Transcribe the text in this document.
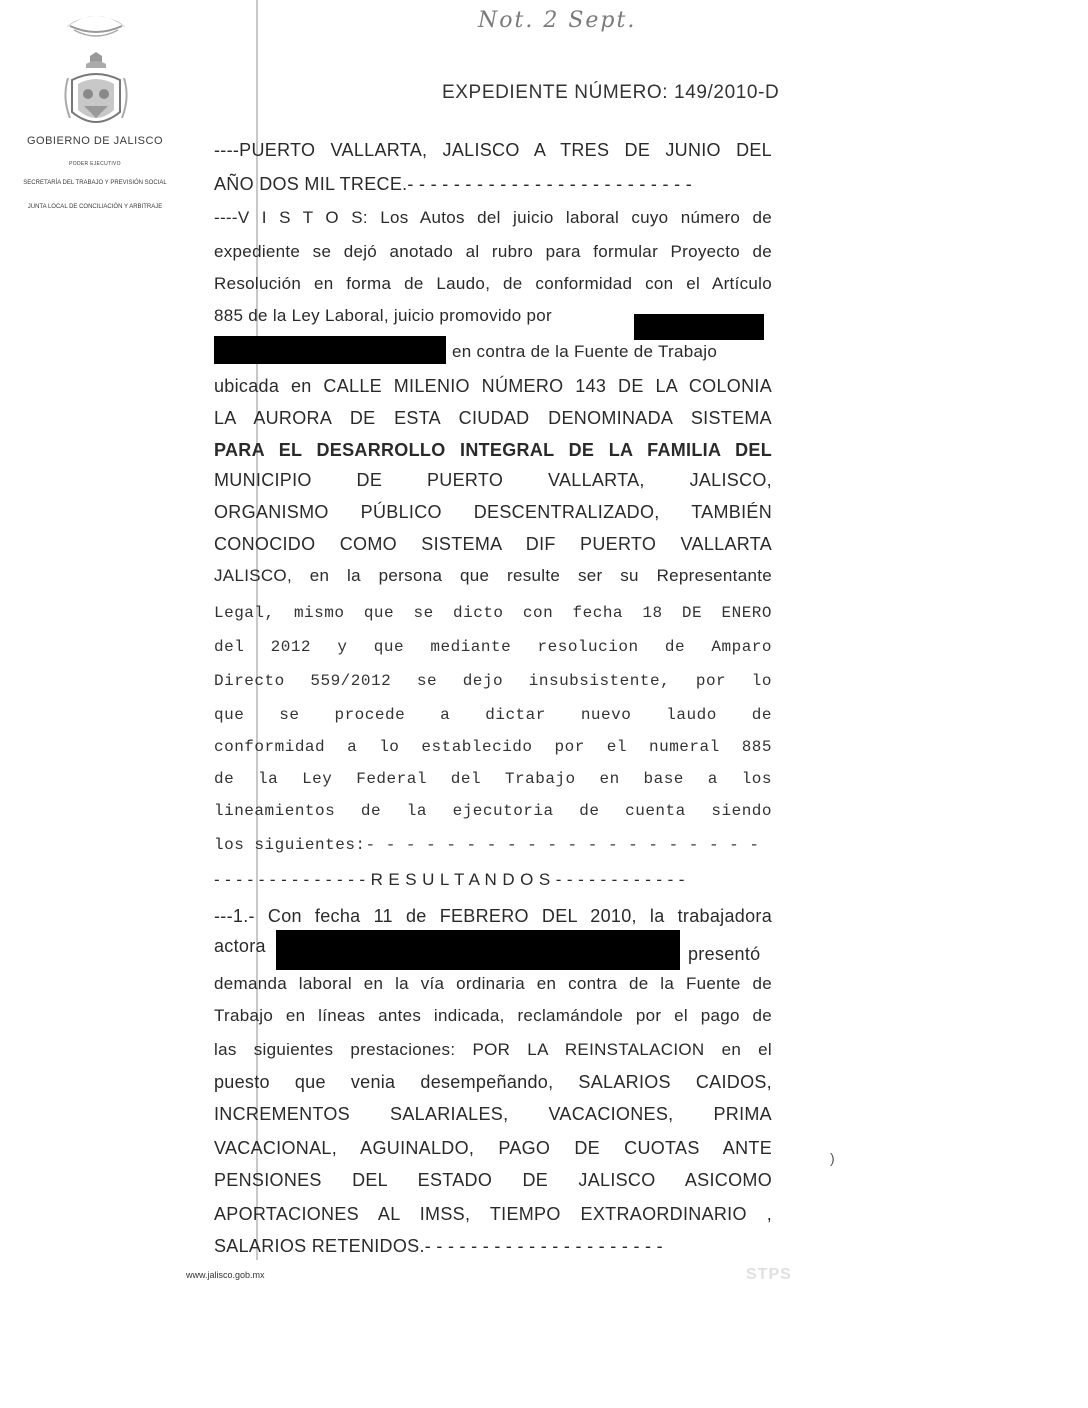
GOBIERNO DE JALISCO
PODER EJECUTIVO
SECRETARÍA DEL TRABAJO Y PREVISIÓN SOCIAL
JUNTA LOCAL DE CONCILIACIÓN Y ARBITRAJE
Not. 2 Sept.
EXPEDIENTE NÚMERO: 149/2010-D
----PUERTO VALLARTA, JALISCO A TRES DE JUNIO DEL
AÑO DOS MIL TRECE.- - - - - - - - - - - - - - - - - - - - - - - - -
----V I S T O S: Los Autos del juicio laboral cuyo número de
expediente se dejó anotado al rubro para formular Proyecto de
Resolución en forma de Laudo, de conformidad con el Artículo
885 de la Ley Laboral, juicio promovido por
en contra de la Fuente de Trabajo
ubicada en CALLE MILENIO NÚMERO 143 DE LA COLONIA
LA AURORA DE ESTA CIUDAD DENOMINADA SISTEMA
PARA EL DESARROLLO INTEGRAL DE LA FAMILIA DEL
MUNICIPIO DE PUERTO VALLARTA, JALISCO,
ORGANISMO PÚBLICO DESCENTRALIZADO, TAMBIÉN
CONOCIDO COMO SISTEMA DIF PUERTO VALLARTA
JALISCO, en la persona que resulte ser su Representante
Legal, mismo que se dicto con fecha 18 DE ENERO
del 2012 y que mediante resolucion de Amparo
Directo 559/2012 se dejo insubsistente, por lo
que se procede a dictar nuevo laudo de
conformidad a lo establecido por el numeral 885
de la Ley Federal del Trabajo en base a los
lineamientos de la ejecutoria de cuenta siendo
los siguientes:- - - - - - - - - - - - - - - - - - - -
- - - - - - - - - - - - - - R E S U L T A N D O S - - - - - - - - - - - -
---1.- Con fecha 11 de FEBRERO DEL 2010, la trabajadora
actora	presentó
demanda laboral en la vía ordinaria en contra de la Fuente de
Trabajo en líneas antes indicada, reclamándole por el pago de
las siguientes prestaciones: POR LA REINSTALACION en el
puesto que venia desempeñando, SALARIOS CAIDOS,
INCREMENTOS SALARIALES, VACACIONES, PRIMA
VACACIONAL, AGUINALDO, PAGO DE CUOTAS ANTE
PENSIONES DEL ESTADO DE JALISCO ASICOMO
APORTACIONES AL IMSS, TIEMPO EXTRAORDINARIO ,
SALARIOS RETENIDOS.- - - - - - - - - - - - - - - - - - - - -
www.jalisco.gob.mx	STPS
)
